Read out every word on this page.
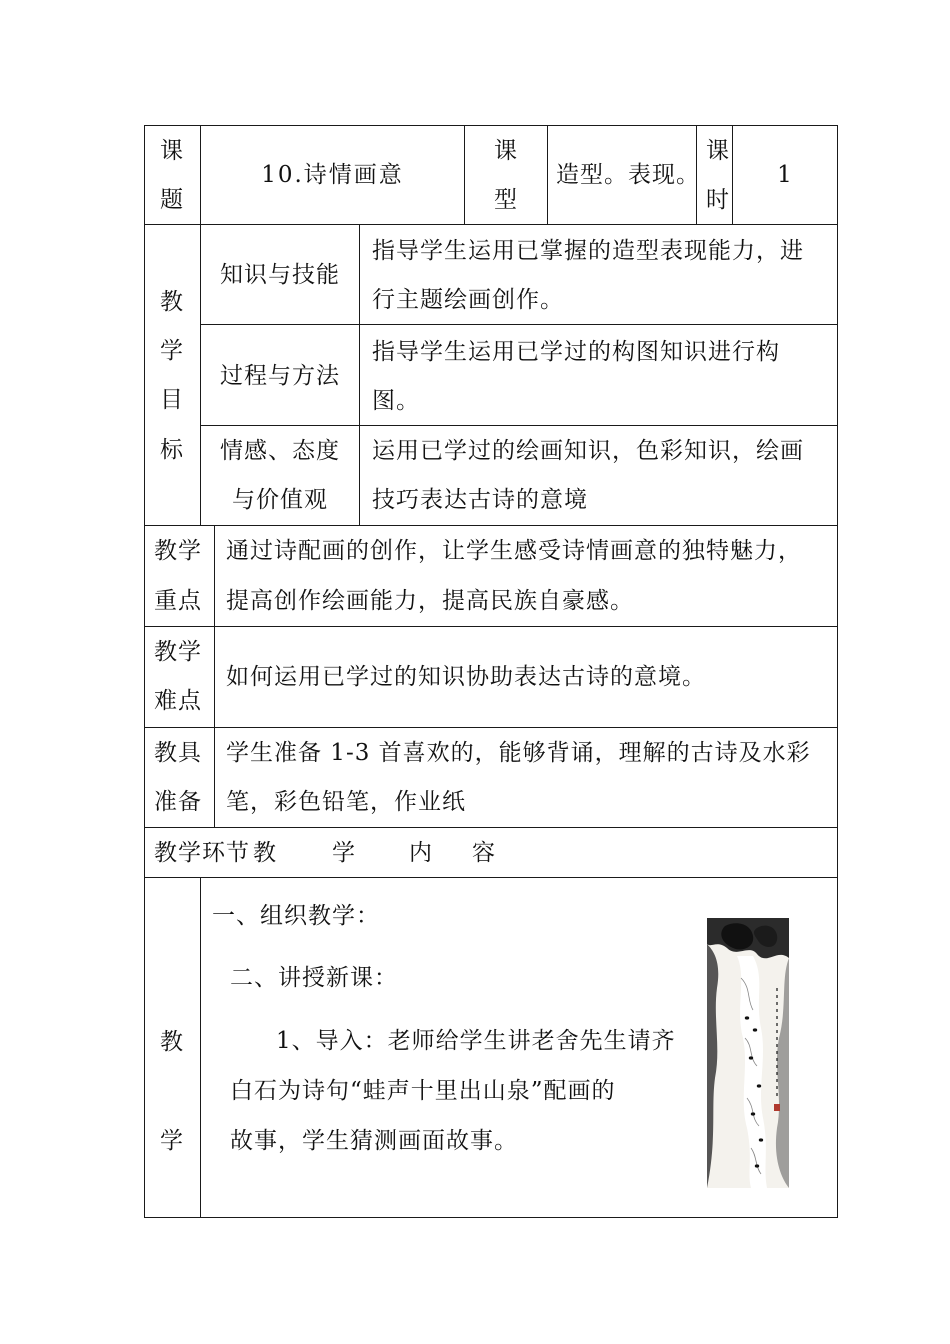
课
题
10.诗情画意
课
型
造型。表现。
课
时
1
教
学
目
标
知识与技能
指导学生运用已掌握的造型表现能力，进
行主题绘画创作。
过程与方法
指导学生运用已学过的构图知识进行构
图。
情感、态度
与价值观
运用已学过的绘画知识，色彩知识，绘画
技巧表达古诗的意境
教学
重点
通过诗配画的创作，让学生感受诗情画意的独特魅力，
提高创作绘画能力，提高民族自豪感。
教学
难点
如何运用已学过的知识协助表达古诗的意境。
教具
准备
学生准备 1-3 首喜欢的，能够背诵，理解的古诗及水彩
笔，彩色铅笔，作业纸
教学环节 教 学 内 容
教
学
一、组织教学：
二、讲授新课：
1、导入：老师给学生讲老舍先生请齐
白石为诗句“蛙声十里出山泉”配画的
故事，学生猜测画面故事。
